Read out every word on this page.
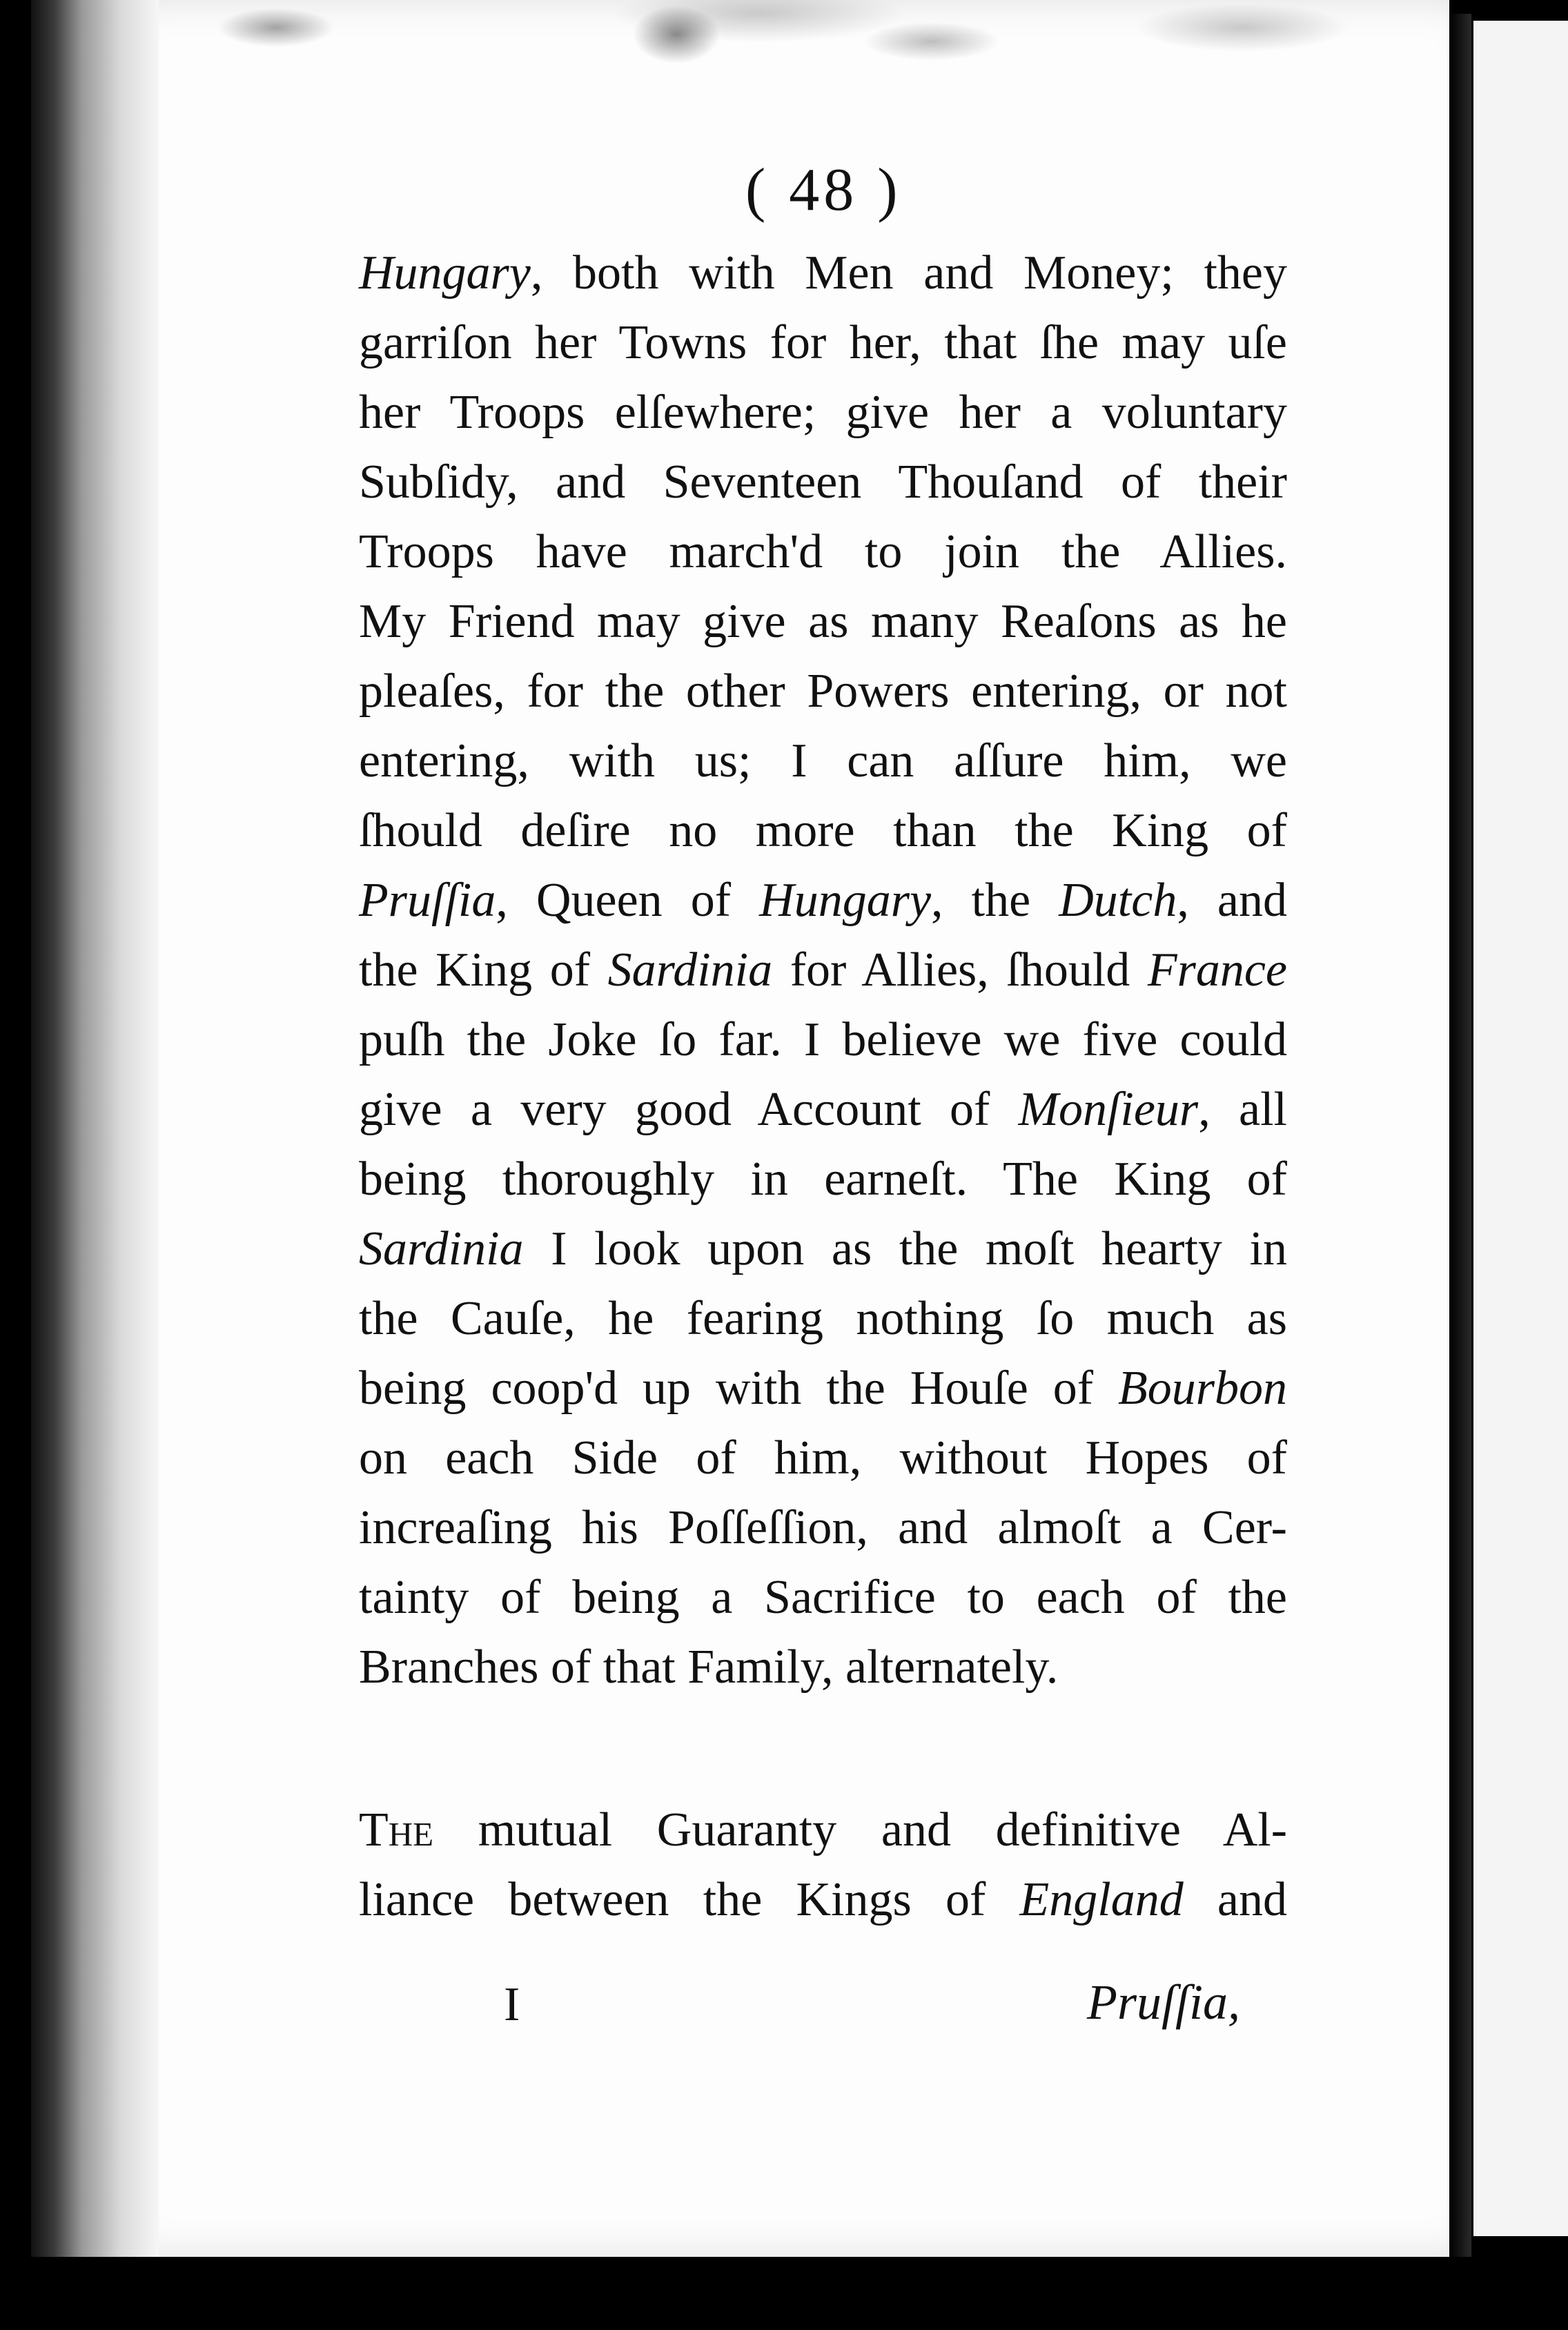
( 48 )
Hungary, both with Men and Money; they
garriſon her Towns for her, that ſhe may uſe
her Troops elſewhere; give her a voluntary
Subſidy, and Seventeen Thouſand of their
Troops have march'd to join the Allies.
My Friend may give as many Reaſons as he
pleaſes, for the other Powers entering, or not
entering, with us; I can aſſure him, we
ſhould deſire no more than the King of
Pruſſia, Queen of Hungary, the Dutch, and
the King of Sardinia for Allies, ſhould France
puſh the Joke ſo far. I believe we five could
give a very good Account of Monſieur, all
being thoroughly in earneſt. The King of
Sardinia I look upon as the moſt hearty in
the Cauſe, he fearing nothing ſo much as
being coop'd up with the Houſe of Bourbon
on each Side of him, without Hopes of
increaſing his Poſſeſſion, and almoſt a Cer-
tainty of being a Sacrifice to each of the
Branches of that Family, alternately.
The mutual Guaranty and definitive Al-
liance between the Kings of England and
I	Pruſſia,
